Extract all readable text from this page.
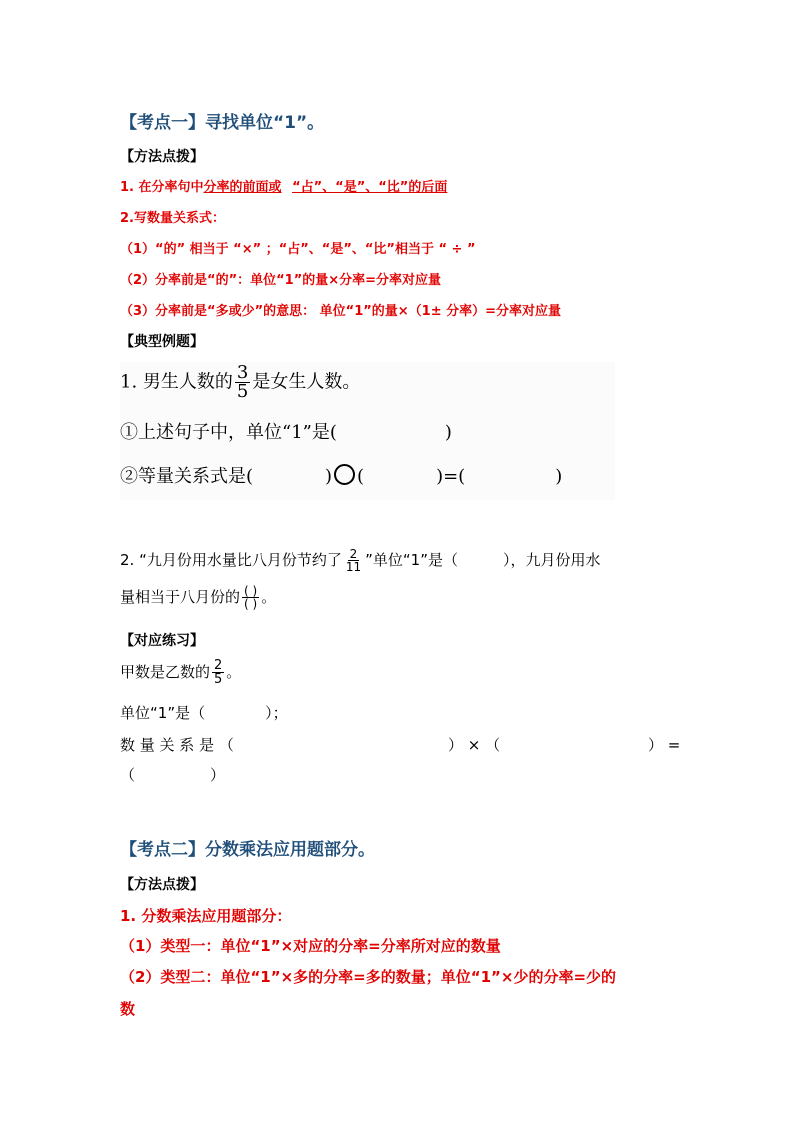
【考点一】寻找单位“1”。
【方法点拨】
1. 在分率句中分率的前面或 “占”、“是”、“比”的后面
2.写数量关系式：
（1）“的” 相当于 “×” ；“占”、“是”、“比”相当于 “ ÷ ”
（2）分率前是“的”：单位“1”的量×分率=分率对应量
（3）分率前是“多或少”的意思： 单位“1”的量×（1± 分率）=分率对应量
【典型例题】
1. 男生人数的 $\frac{3}{5}$ 是女生人数。
①上述句子中，单位“1”是(　　　　　　)
②等量关系式是(　　　　) (　　　　)=(　　　　　)
2. “九月份用水量比八月份节约了 $\frac{2}{11}$ ”单位“1”是（　　　），九月份用水
量相当于八月份的 $\frac{( )}{( )}$ 。
【对应练习】
甲数是乙数的 $\frac{2}{5}$ 。
单位“1”是（　　　　）；
数 量 关 系 是 （	） × （	） =
（　　　　　）
【考点二】分数乘法应用题部分。
【方法点拨】
1. 分数乘法应用题部分：
（1）类型一：单位“1”×对应的分率=分率所对应的数量
（2）类型二：单位“1”×多的分率=多的数量；单位“1”×少的分率=少的
数
